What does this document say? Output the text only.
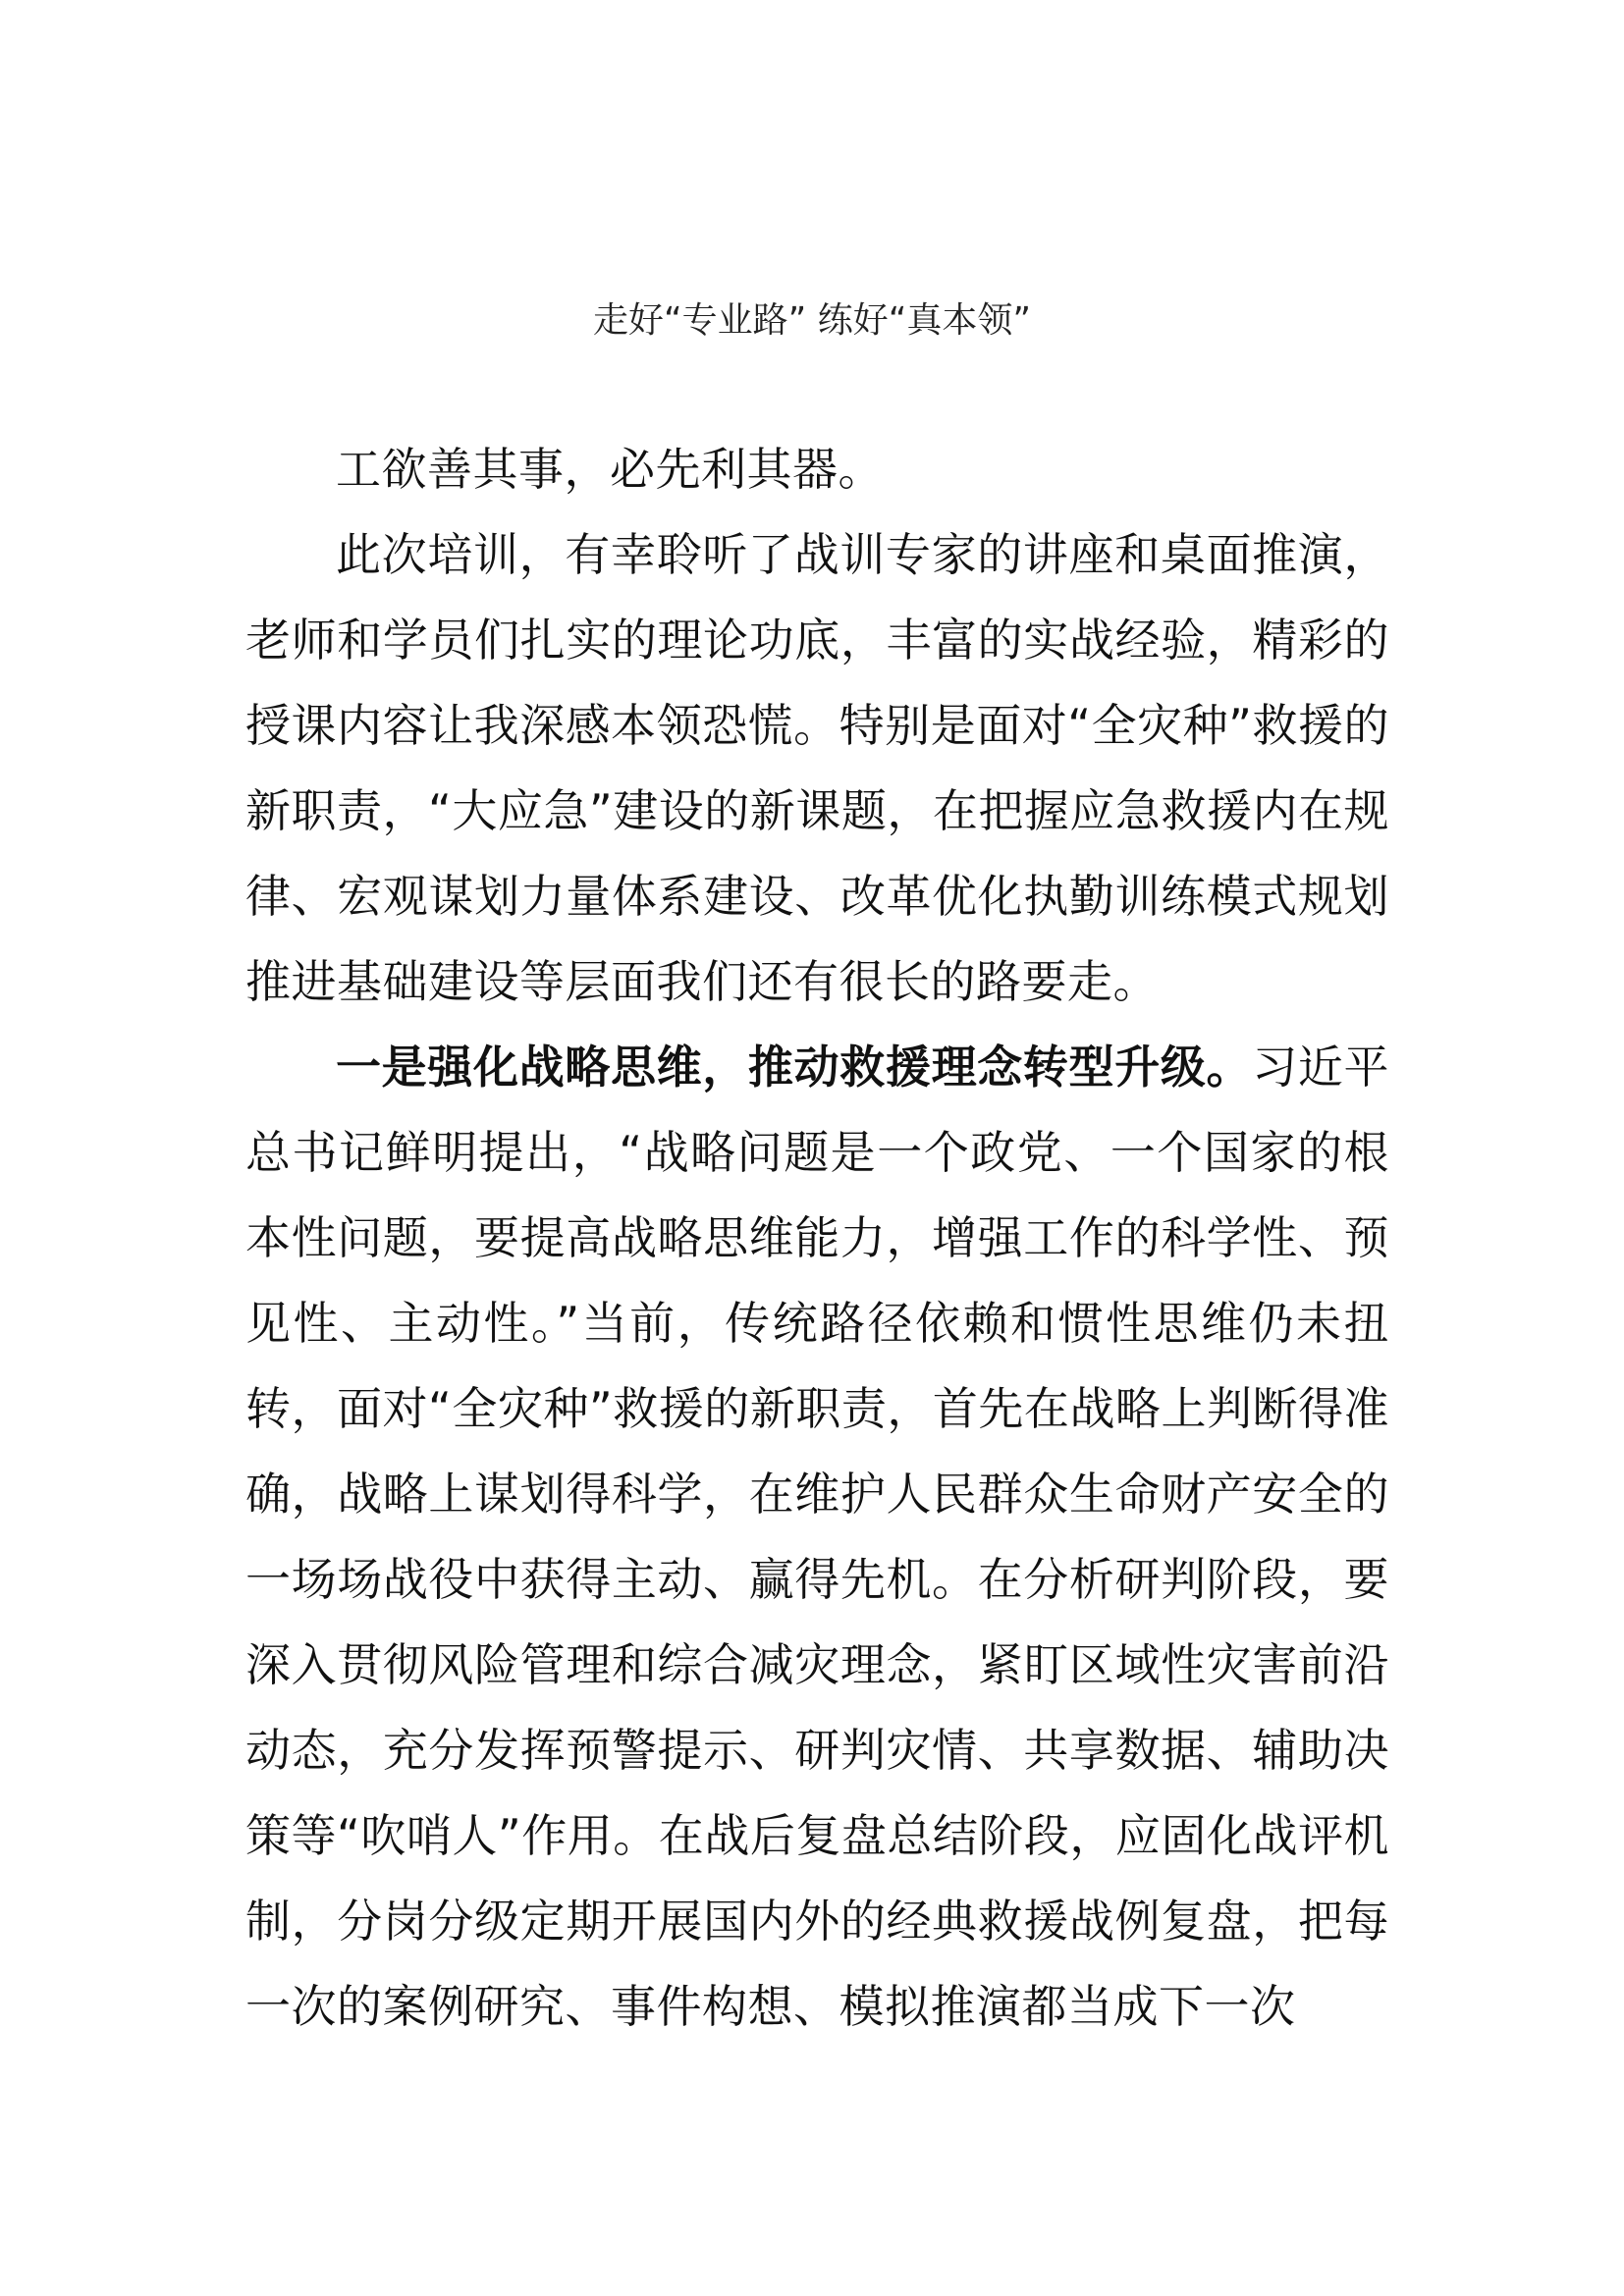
走好“专业路” 练好“真本领”

工欲善其事，必先利其器。

此次培训，有幸聆听了战训专家的讲座和桌面推演，老师和学员们扎实的理论功底，丰富的实战经验，精彩的授课内容让我深感本领恐慌。特别是面对“全灾种”救援的新职责，“大应急”建设的新课题，在把握应急救援内在规律、宏观谋划力量体系建设、改革优化执勤训练模式规划推进基础建设等层面我们还有很长的路要走。

一是强化战略思维，推动救援理念转型升级。习近平总书记鲜明提出，“战略问题是一个政党、一个国家的根本性问题，要提高战略思维能力，增强工作的科学性、预见性、主动性。”当前，传统路径依赖和惯性思维仍未扭转，面对“全灾种”救援的新职责，首先在战略上判断得准确，战略上谋划得科学，在维护人民群众生命财产安全的一场场战役中获得主动、赢得先机。在分析研判阶段，要深入贯彻风险管理和综合减灾理念，紧盯区域性灾害前沿动态，充分发挥预警提示、研判灾情、共享数据、辅助决策等“吹哨人”作用。在战后复盘总结阶段，应固化战评机制，分岗分级定期开展国内外的经典救援战例复盘，把每一次的案例研究、事件构想、模拟推演都当成下一次
